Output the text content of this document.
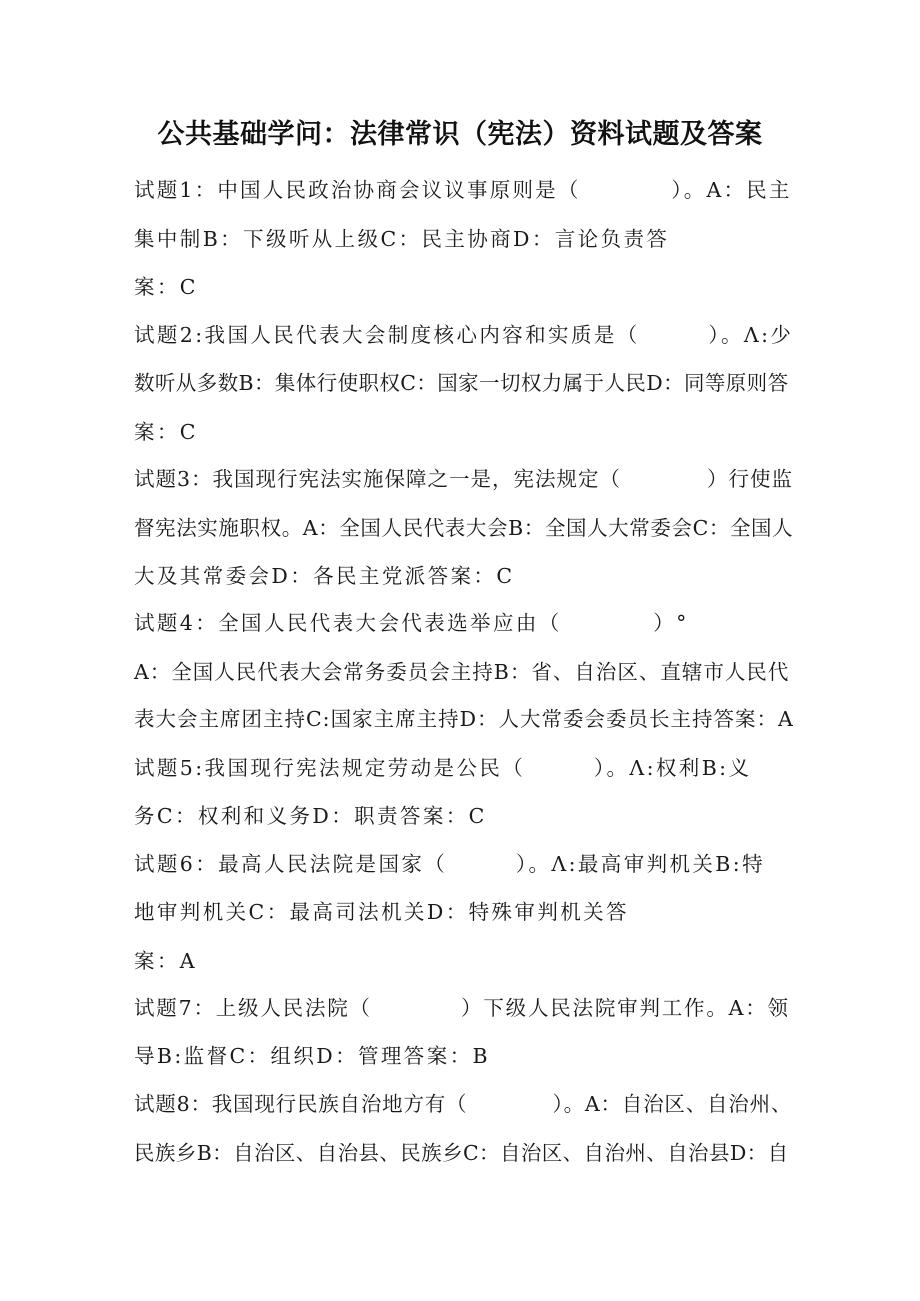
公共基础学问：法律常识（宪法）资料试题及答案
试题1：中国人民政治协商会议议事原则是（　　　　）。A：民主
集中制B：下级听从上级C：民主协商D：言论负责答
案：C
试题2:我国人民代表大会制度核心内容和实质是（　　　）。Λ:少
数听从多数B：集体行使职权C：国家一切权力属于人民D：同等原则答
案：C
试题3：我国现行宪法实施保障之一是，宪法规定（　　　　）行使监
督宪法实施职权。A：全国人民代表大会B：全国人大常委会C：全国人
大及其常委会D：各民主党派答案：C
试题4：全国人民代表大会代表选举应由（　　　　）°
A：全国人民代表大会常务委员会主持B：省、自治区、直辖市人民代
表大会主席团主持C:国家主席主持D：人大常委会委员长主持答案：A
试题5:我国现行宪法规定劳动是公民（　　　）。Λ:权利B:义
务C：权利和义务D：职责答案：C
试题6：最高人民法院是国家（　　　）。Λ:最高审判机关B:特
地审判机关C：最高司法机关D：特殊审判机关答
案：A
试题7：上级人民法院（　　　　）下级人民法院审判工作。A：领
导B:监督C：组织D：管理答案：B
试题8：我国现行民族自治地方有（　　　　）。A：自治区、自治州、
民族乡B：自治区、自治县、民族乡C：自治区、自治州、自治县D：自
